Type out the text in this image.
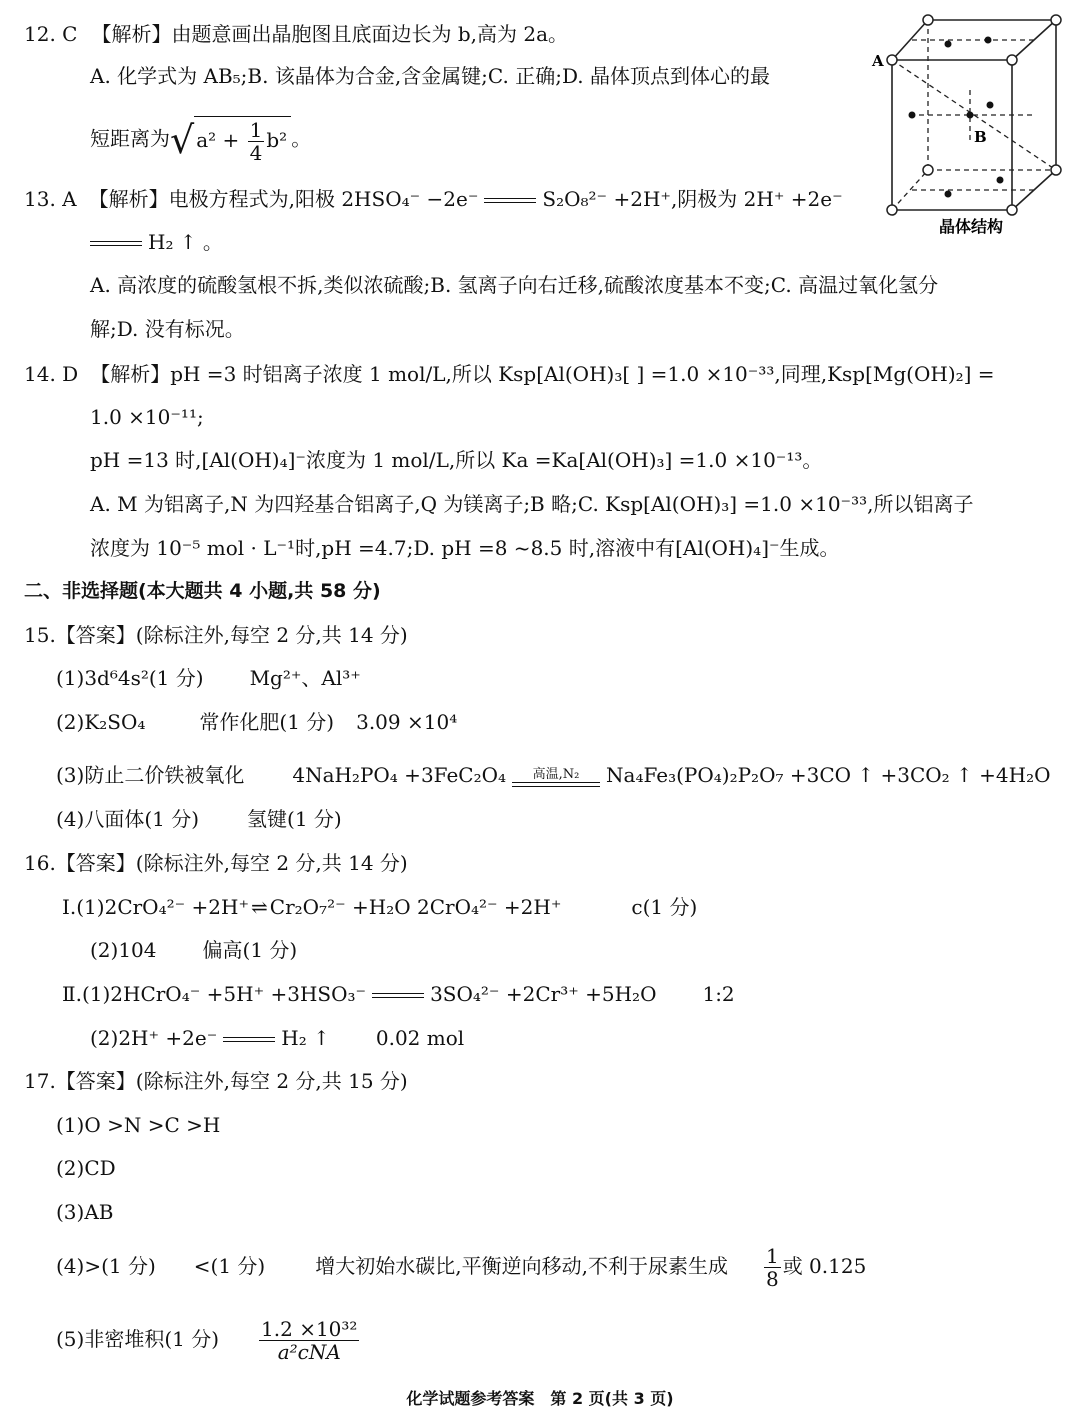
12. C 【解析】由题意画出晶胞图且底面边长为 b,高为 2a。
A. 化学式为 AB₅;B. 该晶体为合金,含金属键;C. 正确;D. 晶体顶点到体心的最
短距离为√ $a^2 + \frac{1}{4} b^2$ 。
A
B
晶体结构
13. A 【解析】电极方程式为,阳极 2HSO₄⁻ −2e⁻	S₂O₈²⁻ +2H⁺,阴极为 2H⁺ +2e⁻
H₂ ↑ 。
A. 高浓度的硫酸氢根不拆,类似浓硫酸;B. 氢离子向右迁移,硫酸浓度基本不变;C. 高温过氧化氢分
解;D. 没有标况。
14. D 【解析】pH =3 时铝离子浓度 1 mol/L,所以 Ksp[Al(OH)₃[ ] =1.0 ×10⁻³³,同理,Ksp[Mg(OH)₂] =
1.0 ×10⁻¹¹;
pH =13 时,[Al(OH)₄]⁻浓度为 1 mol/L,所以 Ka =Ka[Al(OH)₃] =1.0 ×10⁻¹³。
A. M 为铝离子,N 为四羟基合铝离子,Q 为镁离子;B 略;C. Ksp[Al(OH)₃] =1.0 ×10⁻³³,所以铝离子
浓度为 10⁻⁵ mol · L⁻¹时,pH =4.7;D. pH =8 ~8.5 时,溶液中有[Al(OH)₄]⁻生成。
二、非选择题(本大题共 4 小题,共 58 分)
15.【答案】(除标注外,每空 2 分,共 14 分)
(1)3d⁶4s²(1 分) Mg²⁺、Al³⁺
(2)K₂SO₄	常作化肥(1 分) 3.09 ×10⁴
(3)防止二价铁被氧化 4NaH₂PO₄ +3FeC₂O₄	高温,N₂	Na₄Fe₃(PO₄)₂P₂O₇ +3CO ↑ +3CO₂ ↑ +4H₂O
(4)八面体(1 分) 氢键(1 分)
16.【答案】(除标注外,每空 2 分,共 14 分)
Ⅰ.(1)2CrO₄²⁻ +2H⁺ ⇌ Cr₂O₇²⁻ +H₂O 2CrO₄²⁻ +2H⁺	c(1 分)
(2)104 偏高(1 分)
Ⅱ.(1)2HCrO₄⁻ +5H⁺ +3HSO₃⁻	3SO₄²⁻ +2Cr³⁺ +5H₂O 1:2
(2)2H⁺ +2e⁻	H₂ ↑ 0.02 mol
17.【答案】(除标注外,每空 2 分,共 15 分)
(1)O >N >C >H
(2)CD
(3)AB
(4)>(1 分) <(1 分)	增大初始水碳比,平衡逆向移动,不利于尿素生成 $\frac{1}{8}$ 或 0.125
(5)非密堆积(1 分) $\frac{\text{1.2 ×10³²}}{\text{a²cNA}}$
化学试题参考答案　第 2 页(共 3 页)
